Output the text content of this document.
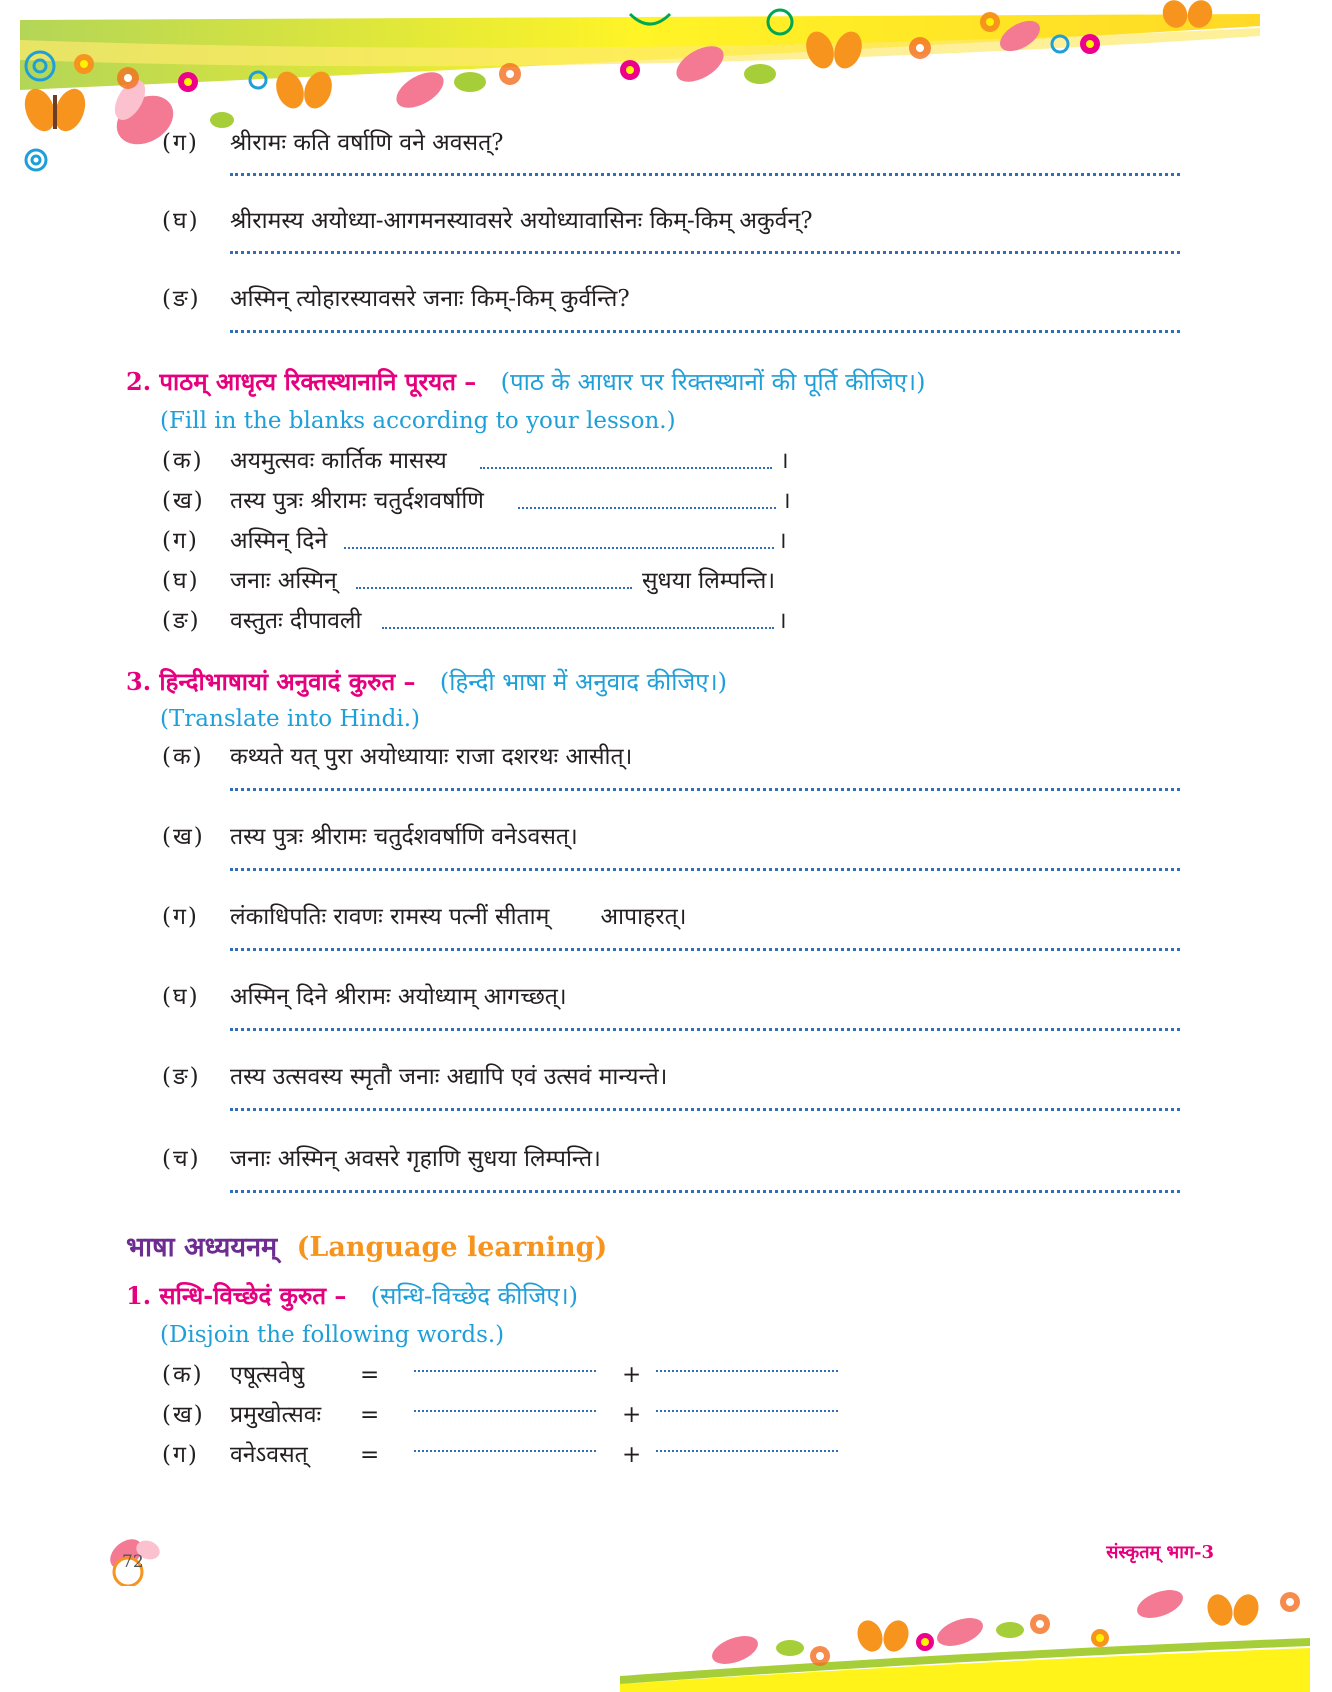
(ग)	श्रीरामः कति वर्षाणि वने अवसत्?
(घ)	श्रीरामस्य अयोध्या-आगमनस्यावसरे अयोध्यावासिनः किम्-किम् अकुर्वन्?
(ङ)	अस्मिन् त्योहारस्यावसरे जनाः किम्-किम् कुर्वन्ति?
2. पाठम् आधृत्य रिक्तस्थानानि पूरयत – (पाठ के आधार पर रिक्तस्थानों की पूर्ति कीजिए।)
(Fill in the blanks according to your lesson.)
(क)	अयमुत्सवः कार्तिक मासस्य	।
(ख)	तस्य पुत्रः श्रीरामः चतुर्दशवर्षाणि	।
(ग)	अस्मिन् दिने	।
(घ)	जनाः अस्मिन्	सुधया लिम्पन्ति।
(ङ)	वस्तुतः दीपावली	।
3. हिन्दीभाषायां अनुवादं कुरुत – (हिन्दी भाषा में अनुवाद कीजिए।)
(Translate into Hindi.)
(क)	कथ्यते यत् पुरा अयोध्यायाः राजा दशरथः आसीत्।
(ख)	तस्य पुत्रः श्रीरामः चतुर्दशवर्षाणि वनेऽवसत्।
(ग)	लंकाधिपतिः रावणः रामस्य पत्नीं सीताम्       आपाहरत्।
(घ)	अस्मिन् दिने श्रीरामः अयोध्याम् आगच्छत्।
(ङ)	तस्य उत्सवस्य स्मृतौ जनाः अद्यापि एवं उत्सवं मान्यन्ते।
(च)	जनाः अस्मिन् अवसरे गृहाणि सुधया लिम्पन्ति।
भाषा अध्ययनम् (Language learning)
1. सन्धि-विच्छेदं कुरुत – (सन्धि-विच्छेद कीजिए।)
(Disjoin the following words.)
(क)	एषूत्सवेषु =	+
(ख)	प्रमुखोत्सवः =	+
(ग)	वनेऽवसत् =	+
72	संस्कृतम् भाग-3
